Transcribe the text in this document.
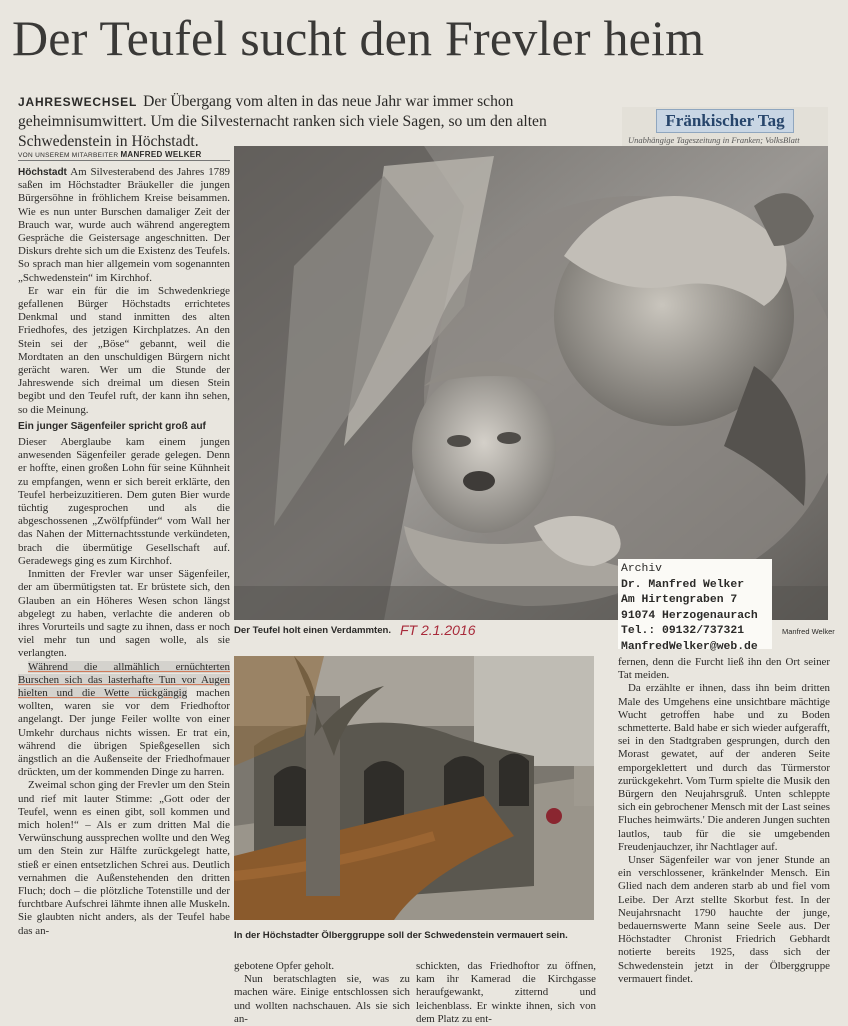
Der Teufel sucht den Frevler heim
JAHRESWECHSEL Der Übergang vom alten in das neue Jahr war immer schon geheimnisumwittert. Um die Silvesternacht ranken sich viele Sagen, so um den alten Schwedenstein in Höchstadt.
Fränkischer Tag
Unabhängige Tageszeitung in Franken; VolksBlatt
VON UNSEREM MITARBEITER MANFRED WELKER

Höchstadt Am Silvesterabend des Jahres 1789 saßen im Höchstadter Bräukeller die jungen Bürgersöhne in fröhlichem Kreise beisammen. Wie es nun unter Burschen damaliger Zeit der Brauch war, wurde auch während angeregtem Gespräche die Geistersage angeschnitten. Der Diskurs drehte sich um die Existenz des Teufels. So sprach man hier allgemein vom sogenannten „Schwedenstein“ im Kirchhof.

Er war ein für die im Schwedenkriege gefallenen Bürger Höchstadts errichtetes Denkmal und stand inmitten des alten Friedhofes, des jetzigen Kirchplatzes. An den Stein sei der „Böse“ gebannt, weil die Mordtaten an den unschuldigen Bürgern nicht gerächt waren. Wer um die Stunde der Jahreswende sich dreimal um diesen Stein begibt und den Teufel ruft, der kann ihn sehen, so die Meinung.

Ein junger Sägenfeiler spricht groß auf

Dieser Aberglaube kam einem jungen anwesenden Sägenfeiler gerade gelegen. Denn er hoffte, einen großen Lohn für seine Kühnheit zu empfangen, wenn er sich bereit erklärte, den Teufel herbeizuzitieren. Dem guten Bier wurde tüchtig zugesprochen und als die abgeschossenen „Zwölfpfünder“ vom Wall her das Nahen der Mitternachtsstunde verkündeten, brach die übermütige Gesellschaft auf. Geradewegs ging es zum Kirchhof.

Inmitten der Frevler war unser Sägenfeiler, der am übermütigsten tat. Er brüstete sich, den Glauben an ein Höheres Wesen schon längst abgelegt zu haben, verlachte die anderen ob ihres Vorurteils und sagte zu ihnen, dass er noch viel mehr tun und sagen wolle, als sie verlangten.

Während die allmählich ernüchterten Burschen sich das lasterhafte Tun vor Augen hielten und die Wette rückgängig machen wollten, waren sie vor dem Friedhoftor angelangt. Der junge Feiler wollte von einer Umkehr durchaus nichts wissen. Er trat ein, während die übrigen Spießgesellen sich ängstlich an die Außenseite der Friedhofmauer drückten, um der kommenden Dinge zu harren.

Zweimal schon ging der Frevler um den Stein und rief mit lauter Stimme: „Gott oder der Teufel, wenn es einen gibt, soll kommen und mich holen!“ – Als er zum dritten Mal die Verwünschung aussprechen wollte und den Weg um den Stein zur Hälfte zurückgelegt hatte, stieß er einen entsetzlichen Schrei aus. Deutlich vernahmen die Außenstehenden den dritten Fluch; doch – die plötzliche Totenstille und der furchtbare Aufschrei lähmte ihnen alle Muskeln. Sie glaubten nicht anders, als der Teufel habe das an-

Der Teufel holt einen Verdammten. FT 2.1.2016	Manfred Welker
Archiv
Dr. Manfred Welker
Am Hirtengraben 7
91074 Herzogenaurach
Tel.: 09132/737321
ManfredWelker@web.de
In der Höchstadter Ölberggruppe soll der Schwedenstein vermauert sein.

gebotene Opfer geholt.

Nun beratschlagten sie, was zu machen wäre. Einige entschlossen sich und wollten nachschauen. Als sie sich an-

schickten, das Friedhoftor zu öffnen, kam ihr Kamerad die Kirchgasse heraufgewankt, zitternd und leichenblass. Er winkte ihnen, sich von dem Platz zu ent-

fernen, denn die Furcht ließ ihn den Ort seiner Tat meiden.

Da erzählte er ihnen, dass ihn beim dritten Male des Umgehens eine unsichtbare mächtige Wucht getroffen habe und zu Boden schmetterte. Bald habe er sich wieder aufgerafft, sei in den Stadtgraben gesprungen, durch den Morast gewatet, auf der anderen Seite emporgeklettert und durch das Türmerstor zurückgekehrt. Vom Turm spielte die Musik den Bürgern den Neujahrsgruß. Unten schleppte sich ein gebrochener Mensch mit der Last seines Fluches heimwärts.' Die anderen Jungen suchten lautlos, taub für die sie umgebenden Freudenjauchzer, ihr Nachtlager auf.

Unser Sägenfeiler war von jener Stunde an ein verschlossener, kränkelnder Mensch. Ein Glied nach dem anderen starb ab und fiel vom Leibe. Der Arzt stellte Skorbut fest. In der Neujahrsnacht 1790 hauchte der junge, bedauernswerte Mann seine Seele aus. Der Höchstadter Chronist Friedrich Gebhardt notierte bereits 1925, dass sich der Schwedenstein jetzt in der Ölberggruppe vermauert findet.
